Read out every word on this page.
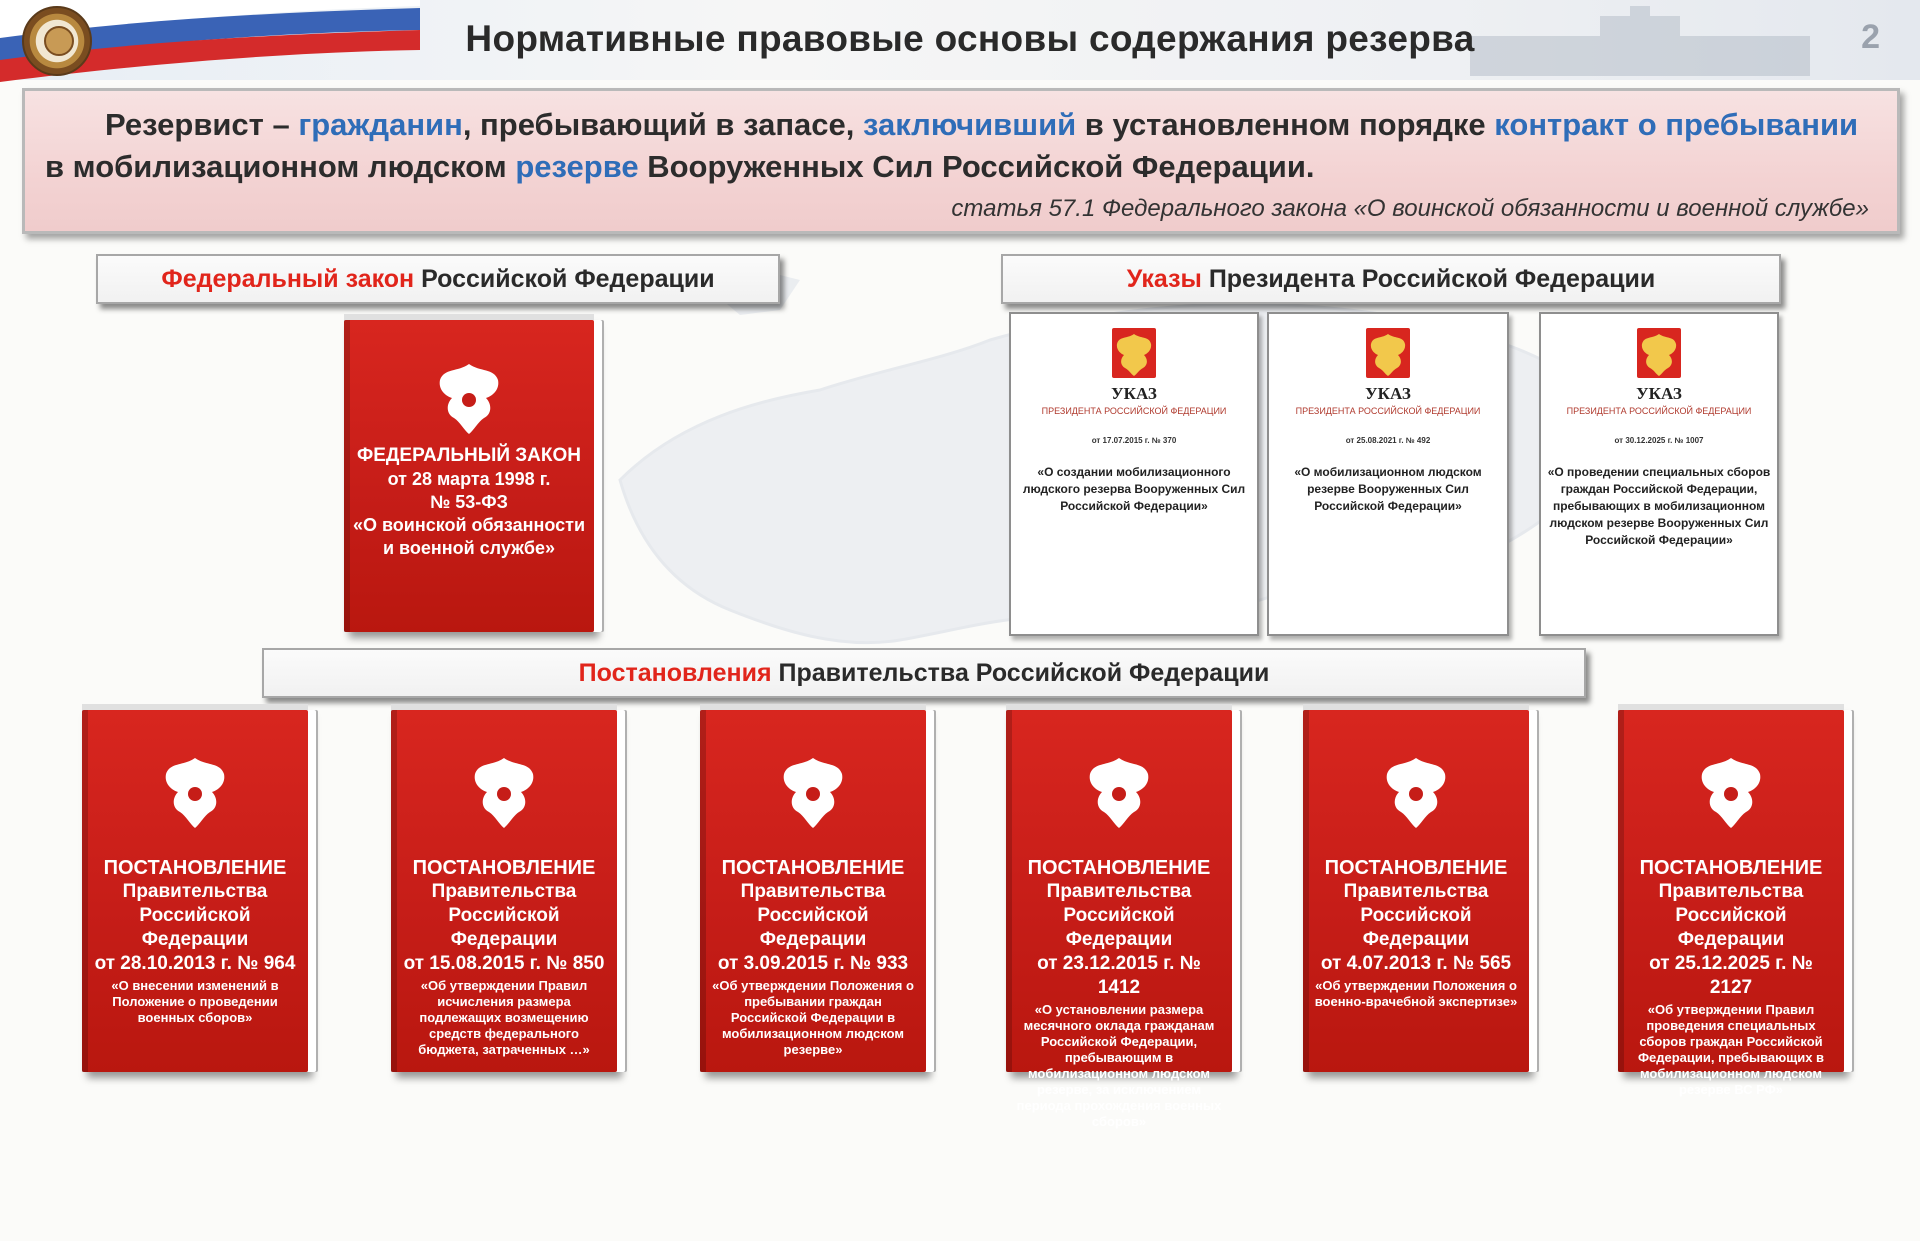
Нормативные правовые основы содержания резерва	2
Резервист – гражданин, пребывающий в запасе, заключивший в установленном порядке контракт о пребывании
в мобилизационном людском резерве Вооруженных Сил Российской Федерации.
статья 57.1 Федерального закона «О воинской обязанности и военной службе»
Федеральный закон Российской Федерации	Указы Президента Российской Федерации
ФЕДЕРАЛЬНЫЙ ЗАКОН
от 28 марта 1998 г.
№ 53-ФЗ
«О воинской обязанности и военной службе»
УКАЗ
ПРЕЗИДЕНТА РОССИЙСКОЙ ФЕДЕРАЦИИ
от 17.07.2015 г. № 370
«О создании мобилизационного людского резерва Вооруженных Сил Российской Федерации»
УКАЗ
ПРЕЗИДЕНТА РОССИЙСКОЙ ФЕДЕРАЦИИ
от 25.08.2021 г. № 492
«О мобилизационном людском резерве Вооруженных Сил Российской Федерации»
УКАЗ
ПРЕЗИДЕНТА РОССИЙСКОЙ ФЕДЕРАЦИИ
от 30.12.2025 г. № 1007
«О проведении специальных сборов граждан Российской Федерации, пребывающих в мобилизационном людском резерве Вооруженных Сил Российской Федерации»
Постановления Правительства Российской Федерации
ПОСТАНОВЛЕНИЕ
Правительства
Российской Федерации
от 28.10.2013 г. № 964
«О внесении изменений в Положение о проведении военных сборов»
ПОСТАНОВЛЕНИЕ
Правительства
Российской Федерации
от 15.08.2015 г. № 850
«Об утверждении Правил исчисления размера подлежащих возмещению средств федерального бюджета, затраченных …»
ПОСТАНОВЛЕНИЕ
Правительства
Российской Федерации
от 3.09.2015 г. № 933
«Об утверждении Положения о пребывании граждан Российской Федерации в мобилизационном людском резерве»
ПОСТАНОВЛЕНИЕ
Правительства
Российской Федерации
от 23.12.2015 г. № 1412
«О установлении размера месячного оклада гражданам Российской Федерации, пребывающим в мобилизационном людском резерве, за исключением периода прохождения военных сборов»
ПОСТАНОВЛЕНИЕ
Правительства
Российской Федерации
от 4.07.2013 г. № 565
«Об утверждении Положения о военно-врачебной экспертизе»
ПОСТАНОВЛЕНИЕ
Правительства
Российской Федерации
от 25.12.2025 г. № 2127
«Об утверждении Правил проведения специальных сборов граждан Российской Федерации, пребывающих в мобилизационном людском резерве ВС РФ»
